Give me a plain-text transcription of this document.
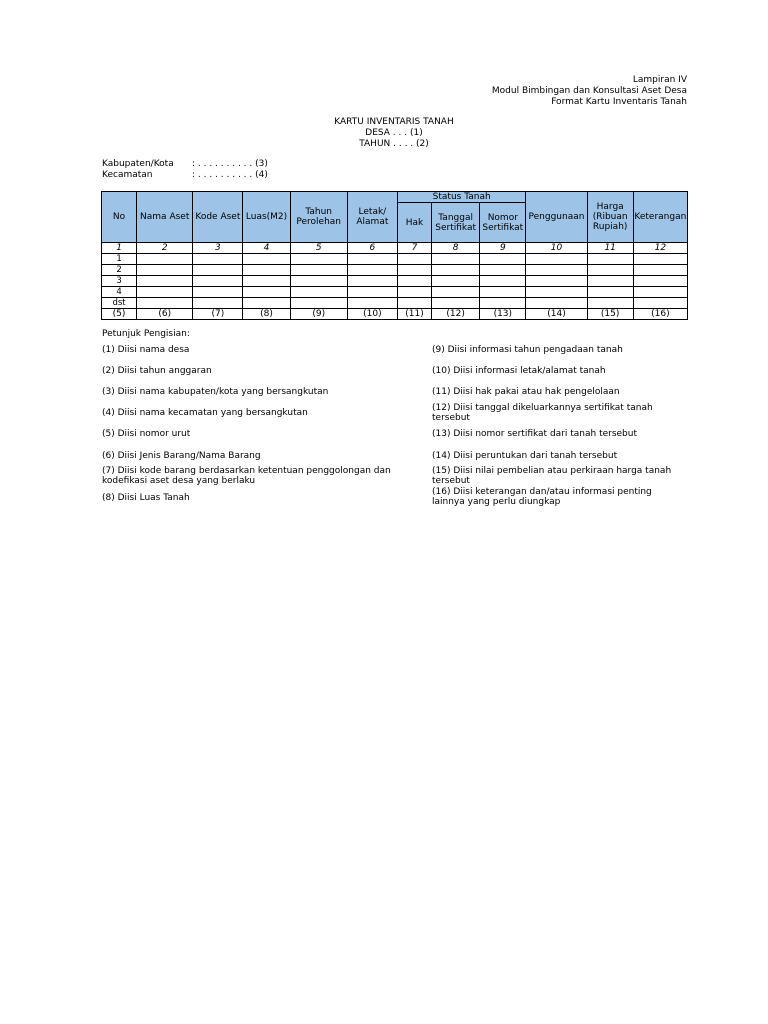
Lampiran IV
Modul Bimbingan dan Konsultasi Aset Desa
Format Kartu Inventaris Tanah
KARTU INVENTARIS TANAH
DESA . . . (1)
TAHUN . . . . (2)
Kabupaten/Kota : . . . . . . . . . . (3)
Kecamatan	: . . . . . . . . . . (4)
No	Nama Aset	Kode Aset	Luas(M2)	Tahun Perolehan	Letak/ Alamat	Status Tanah			Penggunaan	Harga (Ribuan Rupiah)	Keterangan
						Hak	Tanggal Sertifikat	Nomor Sertifikat			
1	2	3	4	5	6	7	8	9	10	11	12
1											
2											
3											
4											
dst											
(5)	(6)	(7)	(8)	(9)	(10)	(11)	(12)	(13)	(14)	(15)	(16)
Petunjuk Pengisian:
(1) Diisi nama desa
(2) Diisi tahun anggaran
(3) Diisi nama kabupaten/kota yang bersangkutan
(4) Diisi nama kecamatan yang bersangkutan
(5) Diisi nomor urut
(6) Diisi Jenis Barang/Nama Barang
(7) Diisi kode barang berdasarkan ketentuan penggolongan dan kodefikasi aset desa yang berlaku
(8) Diisi Luas Tanah
(9) Diisi informasi tahun pengadaan tanah
(10) Diisi informasi letak/alamat tanah
(11) Diisi hak pakai atau hak pengelolaan
(12) Diisi tanggal dikeluarkannya sertifikat tanah tersebut
(13) Diisi nomor sertifikat dari tanah tersebut
(14) Diisi peruntukan dari tanah tersebut
(15) Diisi nilai pembelian atau perkiraan harga tanah tersebut
(16) Diisi keterangan dan/atau informasi penting lainnya yang perlu diungkap
